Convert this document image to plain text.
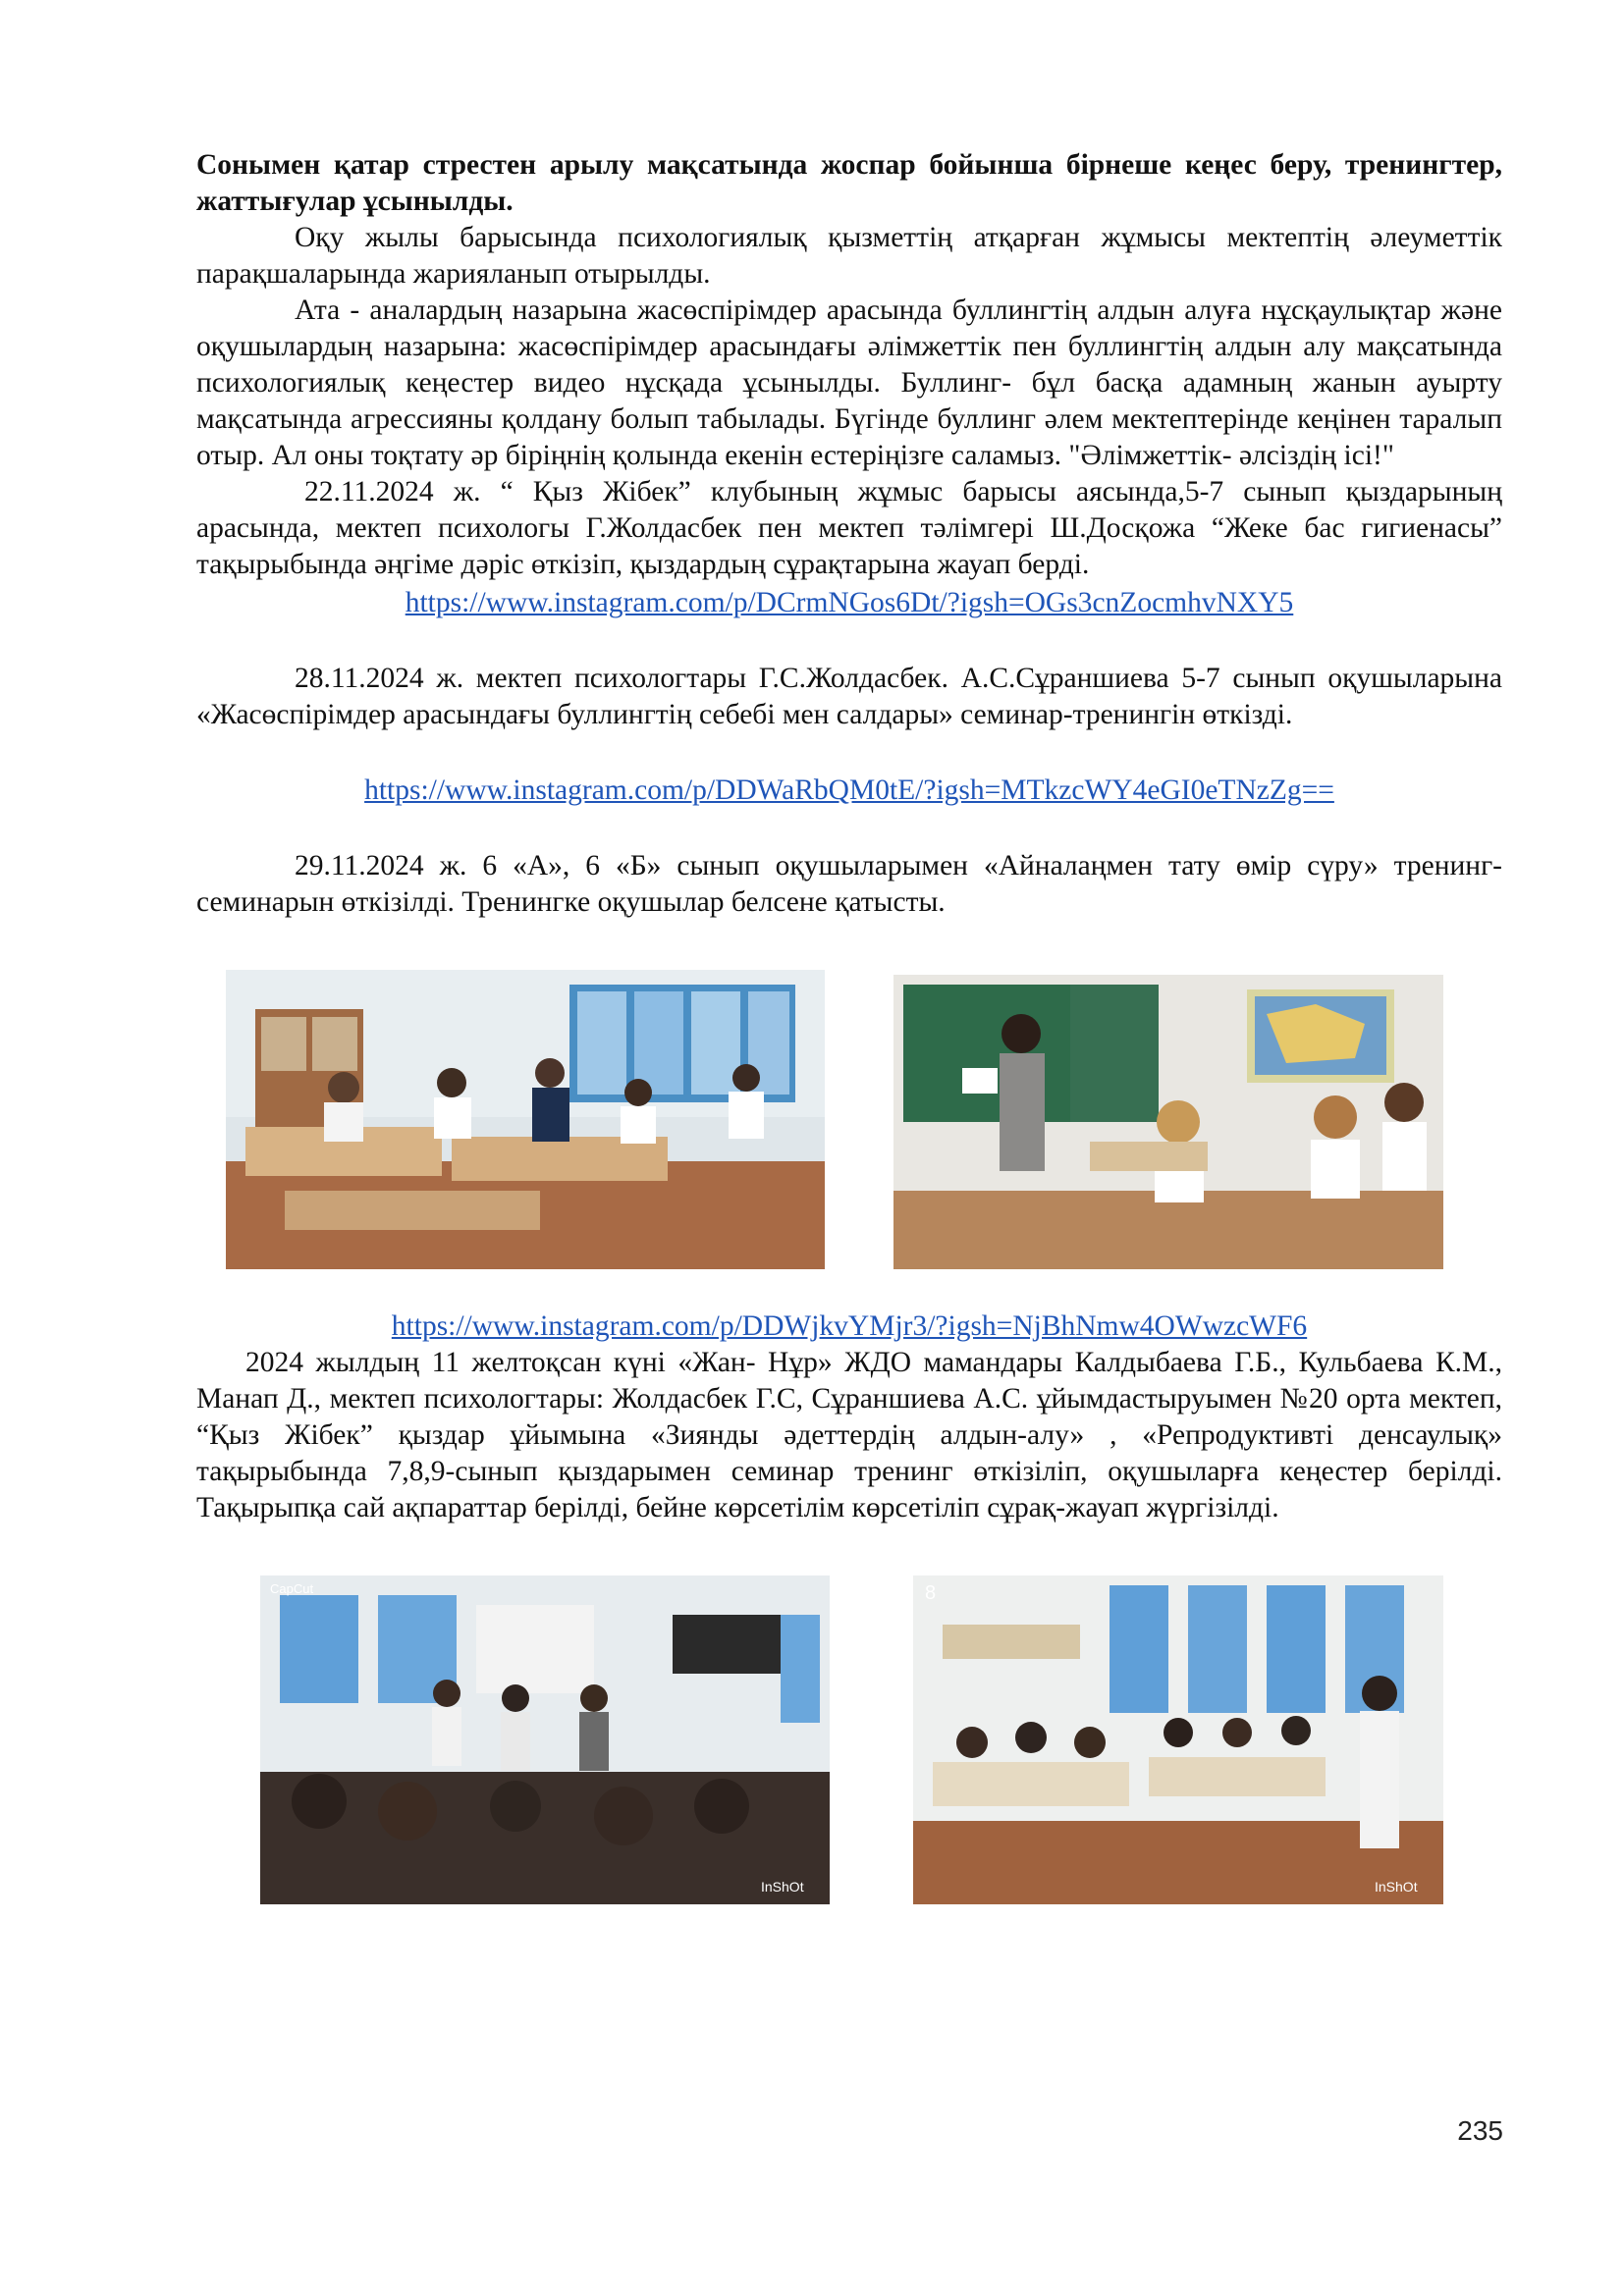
Сонымен қатар стрестен арылу мақсатында жоспар бойынша бірнеше кеңес беру, тренингтер, жаттығулар ұсынылды.

Оқу жылы барысында психологиялық қызметтің атқарған жұмысы мектептің әлеуметтік парақшаларында жарияланып отырылды.

Ата - аналардың назарына жасөспірімдер арасында буллингтің алдын алуға нұсқаулықтар және оқушылардың назарына: жасөспірімдер арасындағы әлімжеттік пен буллингтің алдын алу мақсатында психологиялық кеңестер видео нұсқада ұсынылды. Буллинг- бұл басқа адамның жанын ауырту мақсатында агрессияны қолдану болып табылады. Бүгінде буллинг әлем мектептерінде кеңінен таралып отыр. Ал оны тоқтату әр біріңнің қолында екенін естеріңізге саламыз. "Әлімжеттік- әлсіздің ісі!"

22.11.2024 ж. “ Қыз Жібек” клубының жұмыс барысы аясында,5-7 сынып қыздарының арасында, мектеп психологы Г.Жолдасбек пен мектеп тәлімгері Ш.Досқожа “Жеке бас гигиенасы” тақырыбында әңгіме дәріс өткізіп, қыздардың сұрақтарына жауап берді.

https://www.instagram.com/p/DCrmNGos6Dt/?igsh=OGs3cnZocmhvNXY5

28.11.2024 ж. мектеп психологтары Г.С.Жолдасбек. А.С.Сұраншиева 5-7 сынып оқушыларына «Жасөспірімдер арасындағы буллингтің себебі мен салдары» семинар-тренингін өткізді.

https://www.instagram.com/p/DDWaRbQM0tE/?igsh=MTkzcWY4eGI0eTNzZg==

29.11.2024 ж. 6 «А», 6 «Б» сынып оқушыларымен «Айналаңмен тату өмір сүру» тренинг-семинарын өткізілді. Тренингке оқушылар белсене қатысты.

https://www.instagram.com/p/DDWjkvYMjr3/?igsh=NjBhNmw4OWwzcWF6

2024 жылдың 11 желтоқсан күні «Жан- Нұр» ЖДО мамандары Калдыбаева Г.Б., Кульбаева К.М., Манап Д., мектеп психологтары: Жолдасбек Г.С, Сұраншиева А.С. ұйымдастыруымен №20 орта мектеп, “Қыз Жібек” қыздар ұйымына «Зиянды әдеттердің алдын-алу» , «Репродуктивті денсаулық» тақырыбында 7,8,9-сынып қыздарымен семинар тренинг өткізіліп, оқушыларға кеңестер берілді. Тақырыпқа сай ақпараттар берілді, бейне көрсетілім көрсетіліп сұрақ-жауап жүргізілді.

CapCut
InShOt
8
InShOt
235
